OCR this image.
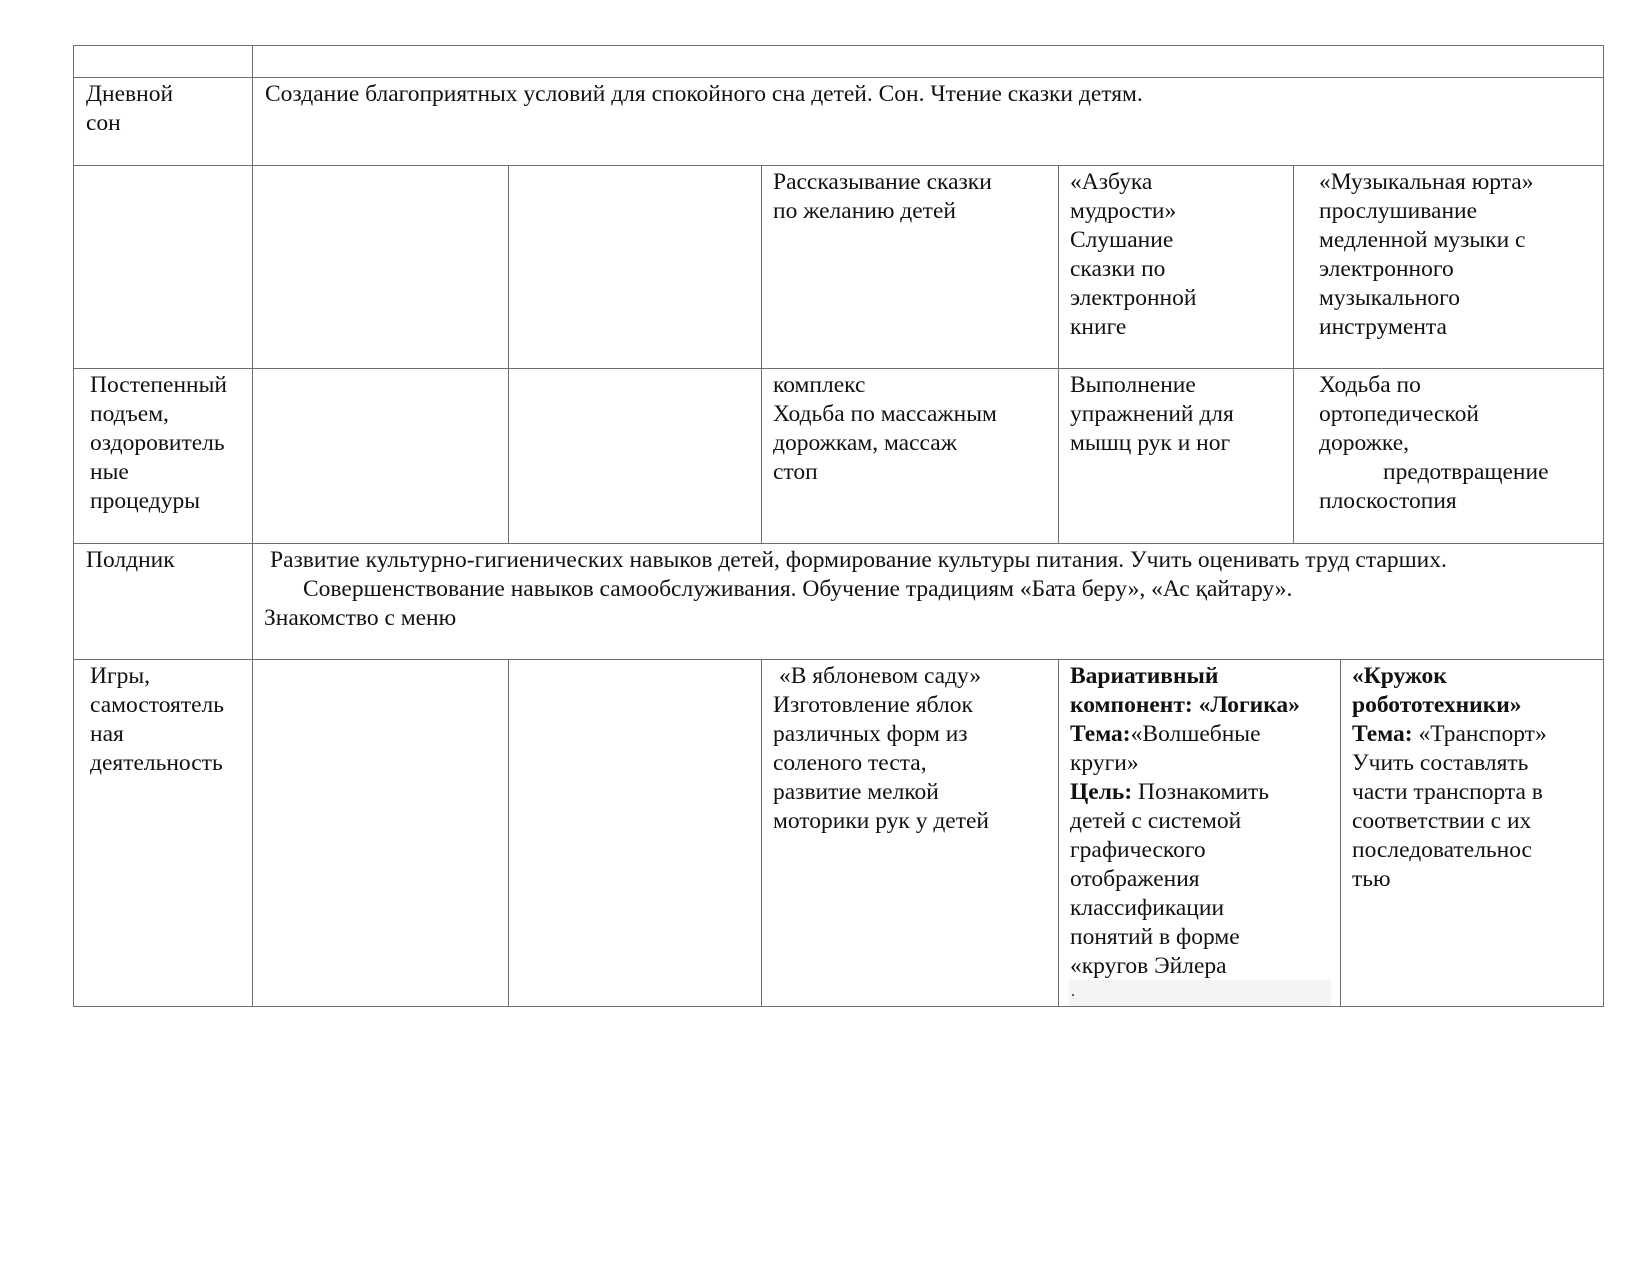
Дневной
сон
Создание благоприятных условий для спокойного сна детей. Сон. Чтение сказки детям.
Рассказывание сказки
по желанию детей
«Азбука
мудрости»
Слушание
сказки по
электронной
книге
«Музыкальная юрта»
прослушивание
медленной музыки с
электронного
музыкального
инструмента
Постепенный
подъем,
оздоровитель
ные
процедуры
комплекс
Ходьба по массажным
дорожкам, массаж
стоп
Выполнение
упражнений для
мышц рук и ног
Ходьба по
ортопедической
дорожке,
предотвращение
плоскостопия
Полдник	Развитие культурно-гигиенических навыков детей, формирование культуры питания. Учить оценивать труд старших.
Совершенствование навыков самообслуживания. Обучение традициям «Бата беру», «Ас қайтару».
Знакомство с меню
Игры,
самостоятель
ная
деятельность
«В яблоневом саду»
Изготовление яблок
различных форм из
соленого теста,
развитие мелкой
моторики рук у детей
Вариативный
компонент: «Логика»
Тема:«Волшебные
круги»
Цель: Познакомить
детей с системой
графического
отображения
классификации
понятий в форме
«кругов Эйлера
.
«Кружок
робототехники»
Тема: «Транспорт»
Учить составлять
части транспорта в
соответствии с их
последовательнос
тью
